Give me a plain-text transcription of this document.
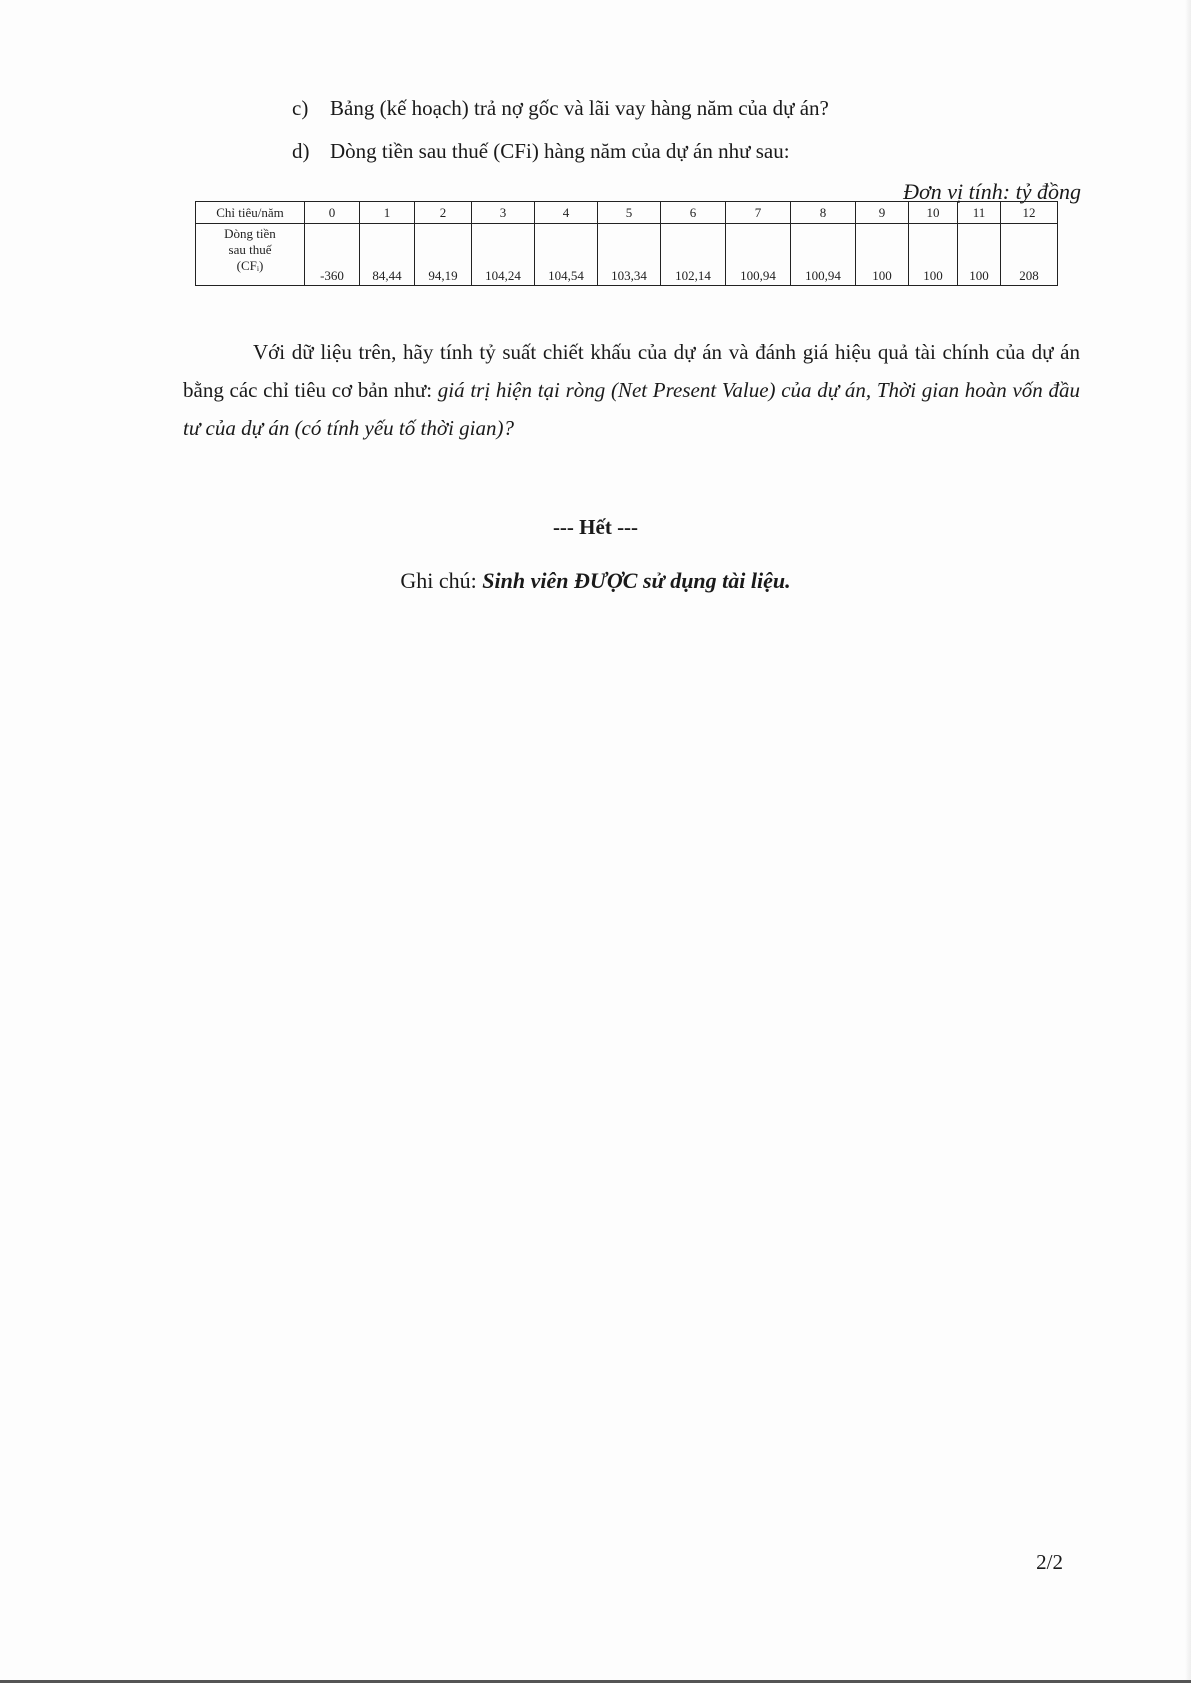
c) Bảng (kế hoạch) trả nợ gốc và lãi vay hàng năm của dự án?
d) Dòng tiền sau thuế (CFi) hàng năm của dự án như sau:
Đơn vị tính: tỷ đồng
Chỉ tiêu/năm	0	1	2	3	4	5	6	7	8	9	10	11	12

Dòng tiền
sau thuế
(CFᵢ)	-360	84,44	94,19	104,24	104,54	103,34	102,14	100,94	100,94	100	100	100	208
Với dữ liệu trên, hãy tính tỷ suất chiết khấu của dự án và đánh giá hiệu quả tài chính của dự án bằng các chỉ tiêu cơ bản như: giá trị hiện tại ròng (Net Present Value) của dự án, Thời gian hoàn vốn đầu tư của dự án (có tính yếu tố thời gian)?
--- Hết ---
Ghi chú: Sinh viên ĐƯỢC sử dụng tài liệu.
2/2
